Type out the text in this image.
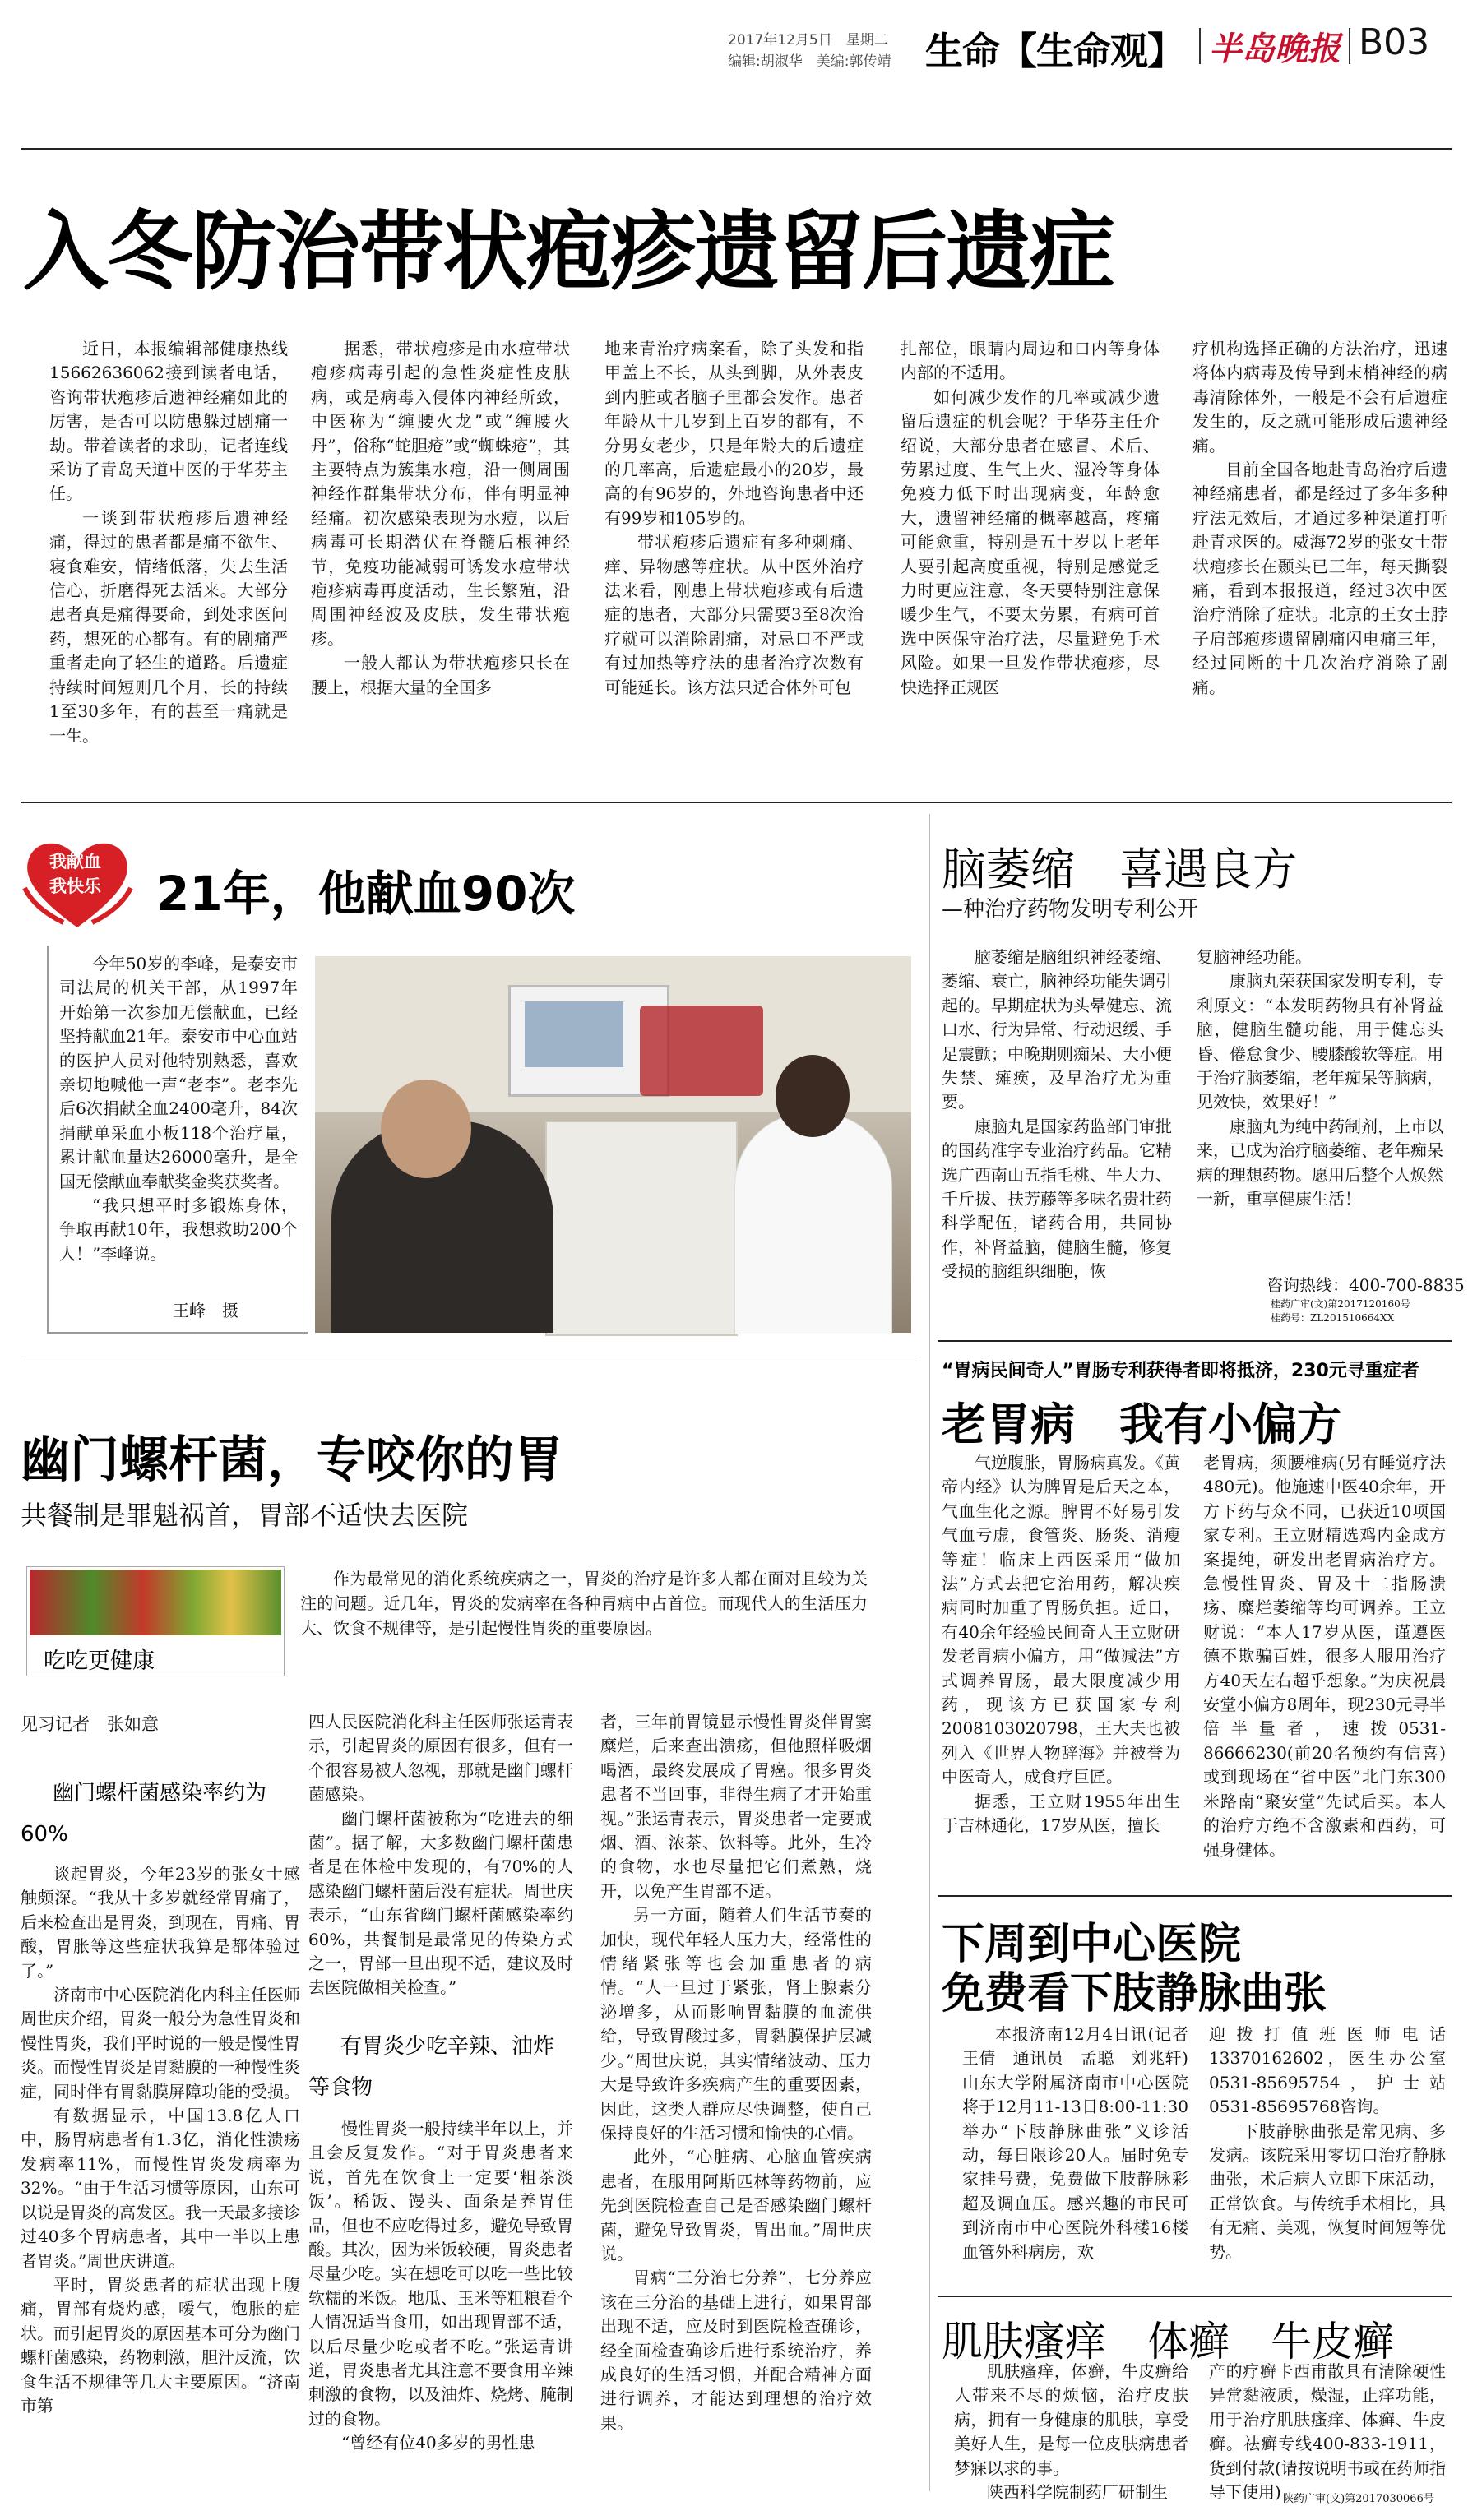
2017年12月5日　星期二
编辑:胡淑华　美编:郭传靖 生命【生命观】 半岛晚报 B03
入冬防治带状疱疹遗留后遗症

近日，本报编辑部健康热线15662636062接到读者电话，咨询带状疱疹后遗神经痛如此的厉害，是否可以防患躲过剧痛一劫。带着读者的求助，记者连线采访了青岛天道中医的于华芬主任。

一谈到带状疱疹后遗神经痛，得过的患者都是痛不欲生、寝食难安，情绪低落，失去生活信心，折磨得死去活来。大部分患者真是痛得要命，到处求医问药，想死的心都有。有的剧痛严重者走向了轻生的道路。后遗症持续时间短则几个月，长的持续1至30多年，有的甚至一痛就是一生。

据悉，带状疱疹是由水痘带状疱疹病毒引起的急性炎症性皮肤病，或是病毒入侵体内神经所致，中医称为“缠腰火龙”或“缠腰火丹”，俗称“蛇胆疮”或“蜘蛛疮”，其主要特点为簇集水疱，沿一侧周围神经作群集带状分布，伴有明显神经痛。初次感染表现为水痘，以后病毒可长期潜伏在脊髓后根神经节，免疫功能减弱可诱发水痘带状疱疹病毒再度活动，生长繁殖，沿周围神经波及皮肤，发生带状疱疹。

一般人都认为带状疱疹只长在腰上，根据大量的全国多

地来青治疗病案看，除了头发和指甲盖上不长，从头到脚，从外表皮到内脏或者脑子里都会发作。患者年龄从十几岁到上百岁的都有，不分男女老少，只是年龄大的后遗症的几率高，后遗症最小的20岁，最高的有96岁的，外地咨询患者中还有99岁和105岁的。

带状疱疹后遗症有多种刺痛、痒、异物感等症状。从中医外治疗法来看，刚患上带状疱疹或有后遗症的患者，大部分只需要3至8次治疗就可以消除剧痛，对忌口不严或有过加热等疗法的患者治疗次数有可能延长。该方法只适合体外可包

扎部位，眼睛内周边和口内等身体内部的不适用。

如何减少发作的几率或减少遗留后遗症的机会呢？于华芬主任介绍说，大部分患者在感冒、术后、劳累过度、生气上火、湿冷等身体免疫力低下时出现病变，年龄愈大，遗留神经痛的概率越高，疼痛可能愈重，特别是五十岁以上老年人要引起高度重视，特别是感觉乏力时更应注意，冬天要特别注意保暖少生气，不要太劳累，有病可首选中医保守治疗法，尽量避免手术风险。如果一旦发作带状疱疹，尽快选择正规医

疗机构选择正确的方法治疗，迅速将体内病毒及传导到末梢神经的病毒清除体外，一般是不会有后遗症发生的，反之就可能形成后遗神经痛。

目前全国各地赴青岛治疗后遗神经痛患者，都是经过了多年多种疗法无效后，才通过多种渠道打听赴青求医的。威海72岁的张女士带状疱疹长在颞头已三年，每天撕裂痛，看到本报报道，经过3次中医治疗消除了症状。北京的王女士脖子肩部疱疹遗留剧痛闪电痛三年，经过同断的十几次治疗消除了剧痛。

我献血
我快乐 21年，他献血90次

今年50岁的李峰，是泰安市司法局的机关干部，从1997年开始第一次参加无偿献血，已经坚持献血21年。泰安市中心血站的医护人员对他特别熟悉，喜欢亲切地喊他一声“老李”。老李先后6次捐献全血2400毫升，84次捐献单采血小板118个治疗量，累计献血量达26000毫升，是全国无偿献血奉献奖金奖获奖者。

“我只想平时多锻炼身体，争取再献10年，我想救助200个人！”李峰说。

王峰　摄
脑萎缩　喜遇良方
—种治疗药物发明专利公开

脑萎缩是脑组织神经萎缩、萎缩、衰亡，脑神经功能失调引起的。早期症状为头晕健忘、流口水、行为异常、行动迟缓、手足震颤；中晚期则痴呆、大小便失禁、瘫痪，及早治疗尤为重要。

康脑丸是国家药监部门审批的国药准字专业治疗药品。它精选广西南山五指毛桃、牛大力、千斤拔、扶芳藤等多味名贵壮药科学配伍，诸药合用，共同协作，补肾益脑，健脑生髓，修复受损的脑组织细胞，恢

复脑神经功能。

康脑丸荣获国家发明专利，专利原文：“本发明药物具有补肾益脑，健脑生髓功能，用于健忘头昏、倦怠食少、腰膝酸软等症。用于治疗脑萎缩，老年痴呆等脑病，见效快，效果好！”

康脑丸为纯中药制剂，上市以来，已成为治疗脑萎缩、老年痴呆病的理想药物。愿用后整个人焕然一新，重享健康生活！

咨询热线：400-700-8835
桂药广审(文)第2017120160号
桂药号：ZL201510664XX
“胃病民间奇人”胃肠专利获得者即将抵济，230元寻重症者
老胃病　我有小偏方

气逆腹胀，胃肠病真发。《黄帝内经》认为脾胃是后天之本，气血生化之源。脾胃不好易引发气血亏虚，食管炎、肠炎、消瘦等症！临床上西医采用“做加法”方式去把它治用药，解决疾病同时加重了胃肠负担。近日，有40余年经验民间奇人王立财研发老胃病小偏方，用“做减法”方式调养胃肠，最大限度减少用药，现该方已获国家专利2008103020798，王大夫也被列入《世界人物辞海》并被誉为中医奇人，成食疗巨匠。

据悉，王立财1955年出生于吉林通化，17岁从医，擅长

老胃病，须腰椎病(另有睡觉疗法480元)。他施速中医40余年，开方下药与众不同，已获近10项国家专利。王立财精选鸡内金成方案提纯，研发出老胃病治疗方。急慢性胃炎、胃及十二指肠溃疡、糜烂萎缩等均可调养。王立财说：“本人17岁从医，谨遵医德不欺骗百姓，很多人服用治疗方40天左右超乎想象。”为庆祝晨安堂小偏方8周年，现230元寻半倍半量者，速拨0531-86666230(前20名预约有信喜)或到现场在“省中医”北门东300米路南“聚安堂”先试后买。本人的治疗方绝不含激素和西药，可强身健体。

下周到中心医院
免费看下肢静脉曲张

本报济南12月4日讯(记者王倩　通讯员　孟聪　刘兆轩)　山东大学附属济南市中心医院将于12月11-13日8:00-11:30举办“下肢静脉曲张”义诊活动，每日限诊20人。届时免专家挂号费，免费做下肢静脉彩超及调血压。感兴趣的市民可到济南市中心医院外科楼16楼血管外科病房，欢

迎拨打值班医师电话13370162602，医生办公室0531-85695754，护士站0531-85695768咨询。

下肢静脉曲张是常见病、多发病。该院采用零切口治疗静脉曲张，术后病人立即下床活动，正常饮食。与传统手术相比，具有无痛、美观，恢复时间短等优势。

肌肤瘙痒　体癣　牛皮癣

肌肤瘙痒，体癣，牛皮癣给人带来不尽的烦恼，治疗皮肤病，拥有一身健康的肌肤，享受美好人生，是每一位皮肤病患者梦寐以求的事。

陕西科学院制药厂研制生

产的疗癣卡西甫散具有清除硬性异常黏液质，燥湿，止痒功能，用于治疗肌肤瘙痒、体癣、牛皮癣。祛癣专线400-833-1911，货到付款(请按说明书或在药师指导下使用) 陕药广审(文)第2017030066号
幽门螺杆菌，专咬你的胃
共餐制是罪魁祸首，胃部不适快去医院
吃吃更健康

作为最常见的消化系统疾病之一，胃炎的治疗是许多人都在面对且较为关注的问题。近几年，胃炎的发病率在各种胃病中占首位。而现代人的生活压力大、饮食不规律等，是引起慢性胃炎的重要原因。

见习记者　张如意
幽门螺杆菌感染率约为60%

谈起胃炎，今年23岁的张女士感触颇深。“我从十多岁就经常胃痛了，后来检查出是胃炎，到现在，胃痛、胃酸，胃胀等这些症状我算是都体验过了。”

济南市中心医院消化内科主任医师周世庆介绍，胃炎一般分为急性胃炎和慢性胃炎，我们平时说的一般是慢性胃炎。而慢性胃炎是胃黏膜的一种慢性炎症，同时伴有胃黏膜屏障功能的受损。

有数据显示，中国13.8亿人口中，肠胃病患者有1.3亿，消化性溃疡发病率11%，而慢性胃炎发病率为32%。“由于生活习惯等原因，山东可以说是胃炎的高发区。我一天最多接诊过40多个胃病患者，其中一半以上患者胃炎。”周世庆讲道。

平时，胃炎患者的症状出现上腹痛，胃部有烧灼感，嗳气，饱胀的症状。而引起胃炎的原因基本可分为幽门螺杆菌感染，药物刺激，胆汁反流，饮食生活不规律等几大主要原因。“济南市第

四人民医院消化科主任医师张运青表示，引起胃炎的原因有很多，但有一个很容易被人忽视，那就是幽门螺杆菌感染。

幽门螺杆菌被称为“吃进去的细菌”。据了解，大多数幽门螺杆菌患者是在体检中发现的，有70%的人感染幽门螺杆菌后没有症状。周世庆表示，“山东省幽门螺杆菌感染率约60%，共餐制是最常见的传染方式之一，胃部一旦出现不适，建议及时去医院做相关检查。”

有胃炎少吃辛辣、油炸等食物

慢性胃炎一般持续半年以上，并且会反复发作。“对于胃炎患者来说，首先在饮食上一定要‘粗茶淡饭’。稀饭、馒头、面条是养胃佳品，但也不应吃得过多，避免导致胃酸。其次，因为米饭较硬，胃炎患者尽量少吃。实在想吃可以吃一些比较软糯的米饭。地瓜、玉米等粗粮看个人情况适当食用，如出现胃部不适，以后尽量少吃或者不吃。”张运青讲道，胃炎患者尤其注意不要食用辛辣刺激的食物，以及油炸、烧烤、腌制过的食物。

“曾经有位40多岁的男性患

者，三年前胃镜显示慢性胃炎伴胃窦糜烂，后来查出溃疡，但他照样吸烟喝酒，最终发展成了胃癌。很多胃炎患者不当回事，非得生病了才开始重视。”张运青表示，胃炎患者一定要戒烟、酒、浓茶、饮料等。此外，生冷的食物，水也尽量把它们煮熟，烧开，以免产生胃部不适。

另一方面，随着人们生活节奏的加快，现代年轻人压力大，经常性的情绪紧张等也会加重患者的病情。“人一旦过于紧张，肾上腺素分泌增多，从而影响胃黏膜的血流供给，导致胃酸过多，胃黏膜保护层减少。”周世庆说，其实情绪波动、压力大是导致许多疾病产生的重要因素，因此，这类人群应尽快调整，使自己保持良好的生活习惯和愉快的心情。

此外，“心脏病、心脑血管疾病患者，在服用阿斯匹林等药物前，应先到医院检查自己是否感染幽门螺杆菌，避免导致胃炎，胃出血。”周世庆说。

胃病“三分治七分养”，七分养应该在三分治的基础上进行，如果胃部出现不适，应及时到医院检查确诊，经全面检查确诊后进行系统治疗，养成良好的生活习惯，并配合精神方面进行调养，才能达到理想的治疗效果。
